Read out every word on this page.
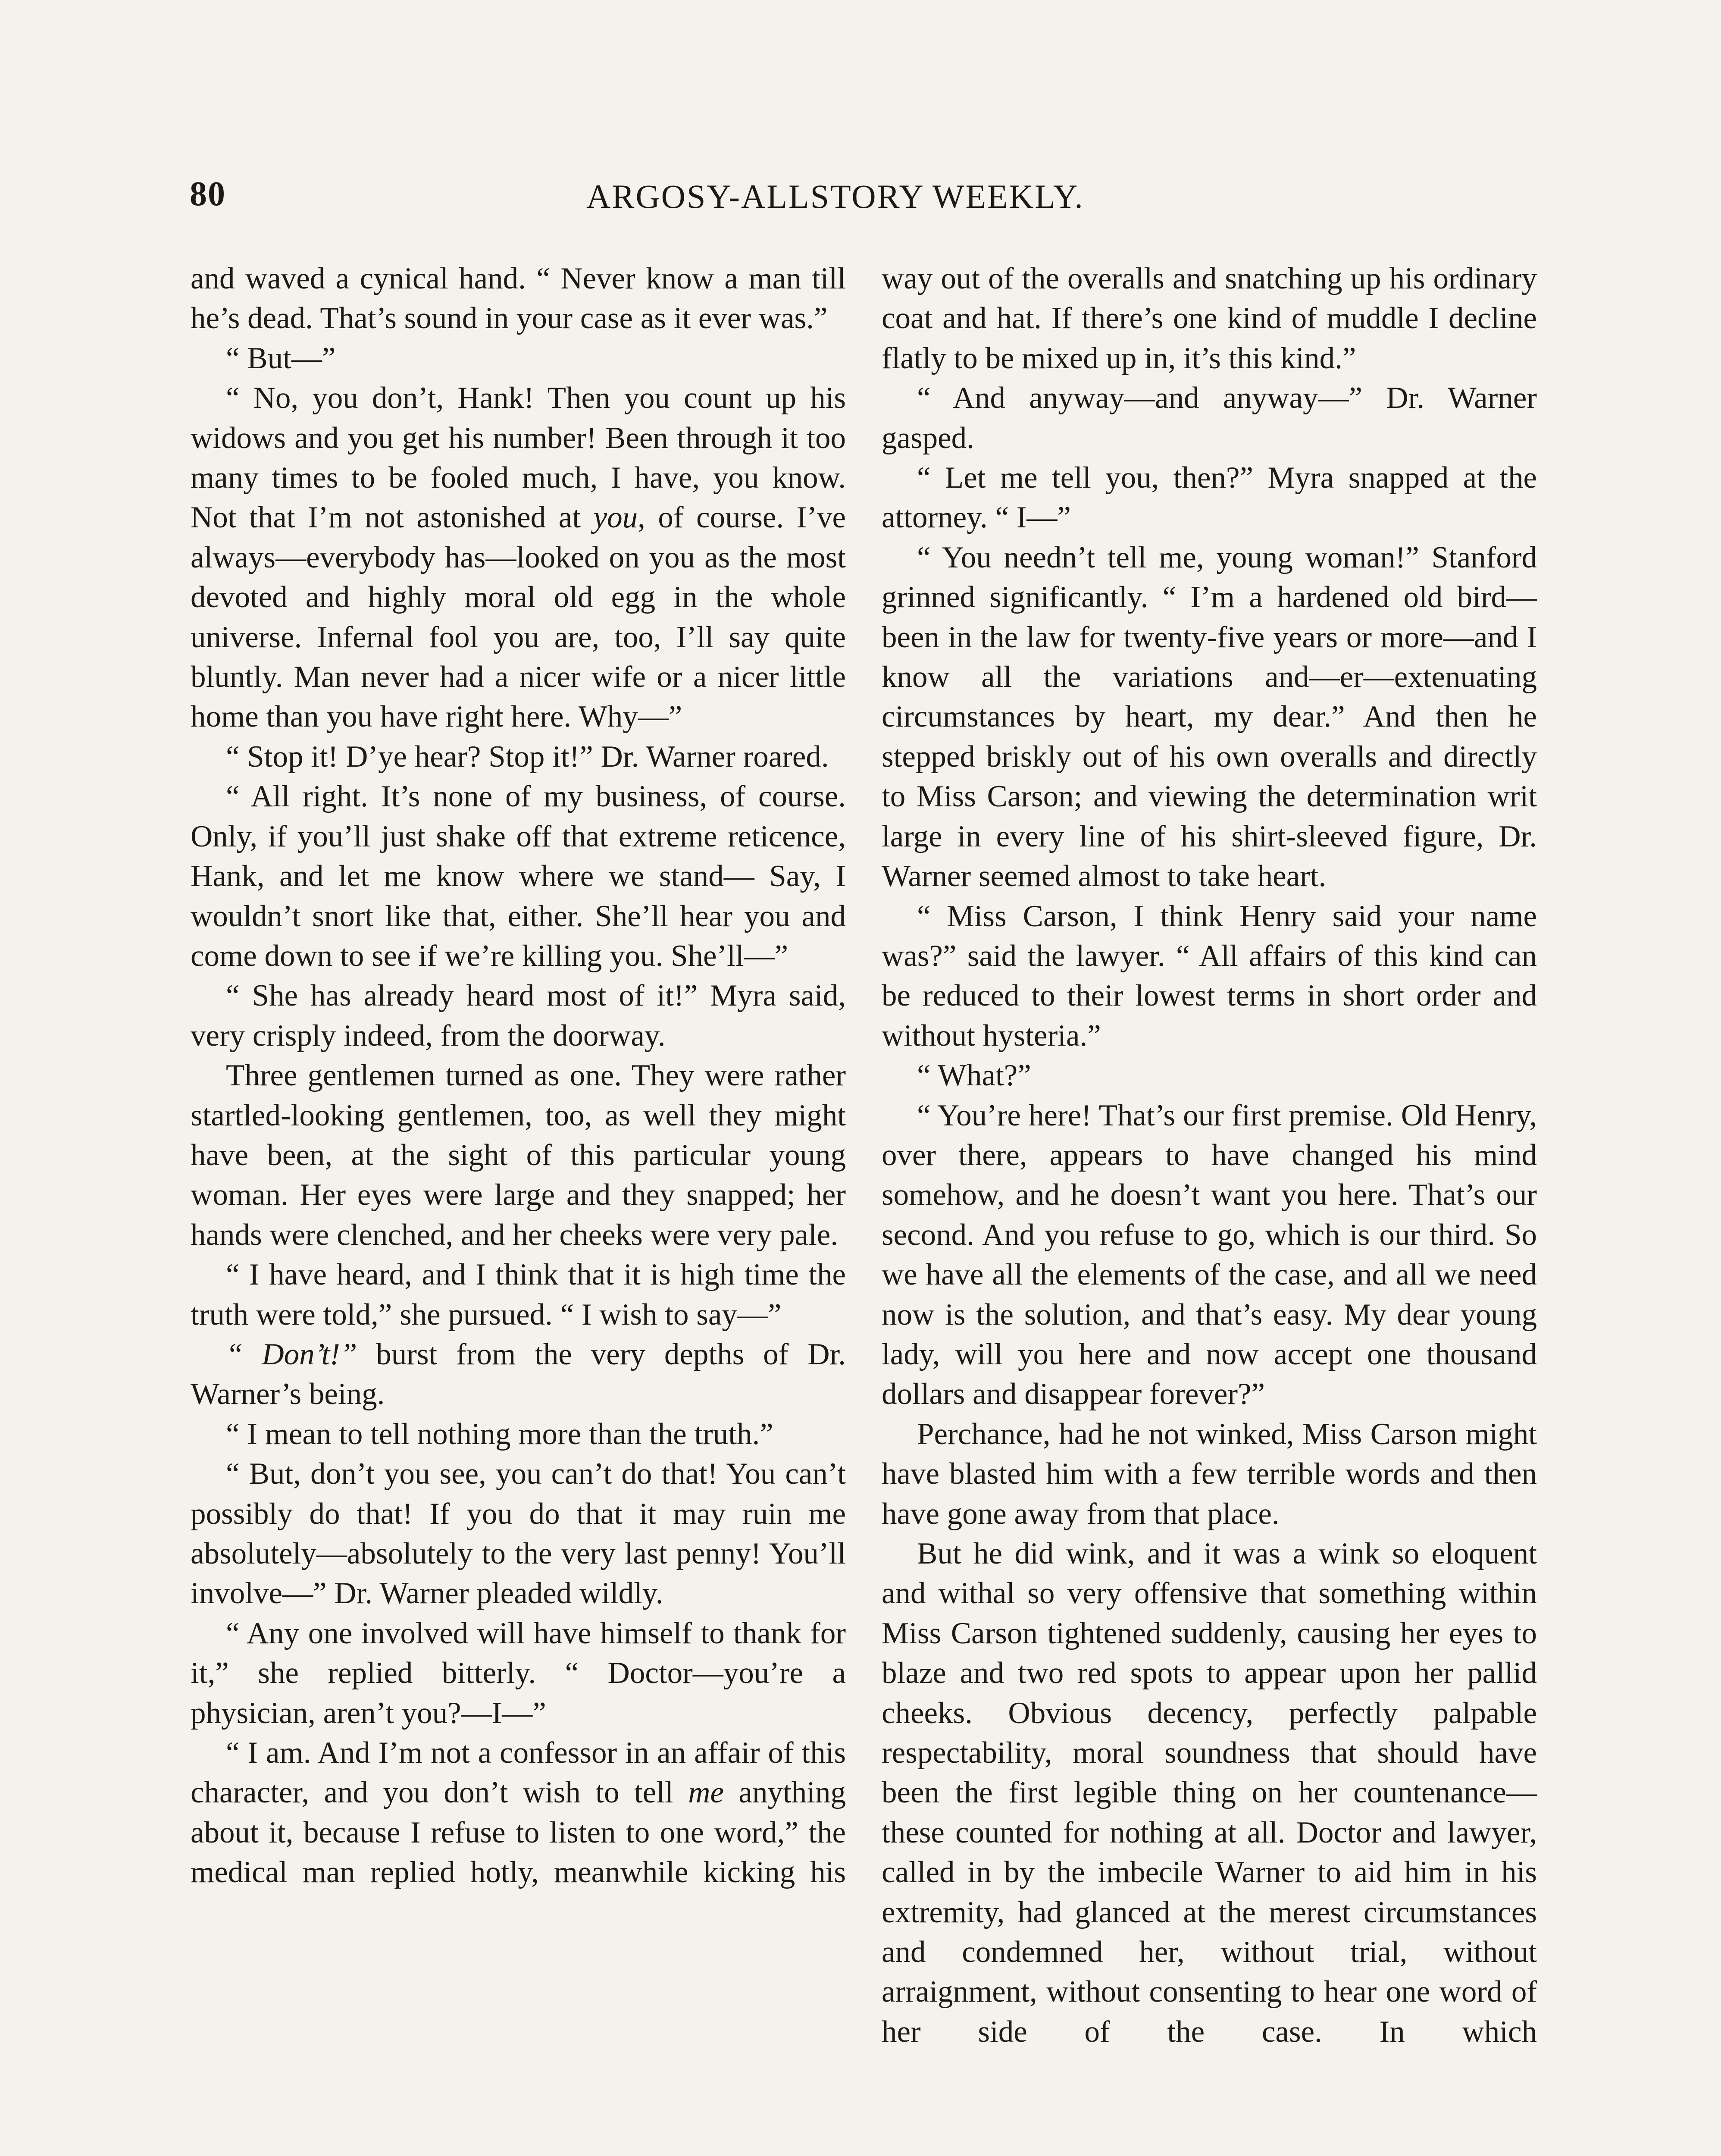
80	ARGOSY-ALLSTORY WEEKLY.

and waved a cynical hand. “ Never know a man till he’s dead. That’s sound in your case as it ever was.”

“ But—”

“ No, you don’t, Hank! Then you count up his widows and you get his number! Been through it too many times to be fooled much, I have, you know. Not that I’m not astonished at you, of course. I’ve always—everybody has—looked on you as the most devoted and highly moral old egg in the whole universe. Infernal fool you are, too, I’ll say quite bluntly. Man never had a nicer wife or a nicer little home than you have right here. Why—”

“ Stop it! D’ye hear? Stop it!” Dr. Warner roared.

“ All right. It’s none of my business, of course. Only, if you’ll just shake off that extreme reticence, Hank, and let me know where we stand— Say, I wouldn’t snort like that, either. She’ll hear you and come down to see if we’re killing you. She’ll—”

“ She has already heard most of it!” Myra said, very crisply indeed, from the doorway.

Three gentlemen turned as one. They were rather startled-looking gentlemen, too, as well they might have been, at the sight of this particular young woman. Her eyes were large and they snapped; her hands were clenched, and her cheeks were very pale.

“ I have heard, and I think that it is high time the truth were told,” she pursued. “ I wish to say—”

“ Don’t!” burst from the very depths of Dr. Warner’s being.

“ I mean to tell nothing more than the truth.”

“ But, don’t you see, you can’t do that! You can’t possibly do that! If you do that it may ruin me absolutely—absolutely to the very last penny! You’ll involve—” Dr. Warner pleaded wildly.

“ Any one involved will have himself to thank for it,” she replied bitterly. “ Doctor—you’re a physician, aren’t you?—I—”

“ I am. And I’m not a confessor in an affair of this character, and you don’t wish to tell me anything about it, because I refuse to listen to one word,” the medical man replied hotly, meanwhile kicking his

way out of the overalls and snatching up his ordinary coat and hat. If there’s one kind of muddle I decline flatly to be mixed up in, it’s this kind.”

“ And anyway—and anyway—” Dr. Warner gasped.

“ Let me tell you, then?” Myra snapped at the attorney. “ I—”

“ You needn’t tell me, young woman!” Stanford grinned significantly. “ I’m a hardened old bird—been in the law for twenty-five years or more—and I know all the variations and—er—extenuating circumstances by heart, my dear.” And then he stepped briskly out of his own overalls and directly to Miss Carson; and viewing the determination writ large in every line of his shirt-sleeved figure, Dr. Warner seemed almost to take heart.

“ Miss Carson, I think Henry said your name was?” said the lawyer. “ All affairs of this kind can be reduced to their lowest terms in short order and without hysteria.”

“ What?”

“ You’re here! That’s our first premise. Old Henry, over there, appears to have changed his mind somehow, and he doesn’t want you here. That’s our second. And you refuse to go, which is our third. So we have all the elements of the case, and all we need now is the solution, and that’s easy. My dear young lady, will you here and now accept one thousand dollars and disappear forever?”

Perchance, had he not winked, Miss Carson might have blasted him with a few terrible words and then have gone away from that place.

But he did wink, and it was a wink so eloquent and withal so very offensive that something within Miss Carson tightened suddenly, causing her eyes to blaze and two red spots to appear upon her pallid cheeks. Obvious decency, perfectly palpable respectability, moral soundness that should have been the first legible thing on her countenance—these counted for nothing at all. Doctor and lawyer, called in by the imbecile Warner to aid him in his extremity, had glanced at the merest circumstances and condemned her, without trial, without arraignment, without consenting to hear one word of her side of the case. In which
